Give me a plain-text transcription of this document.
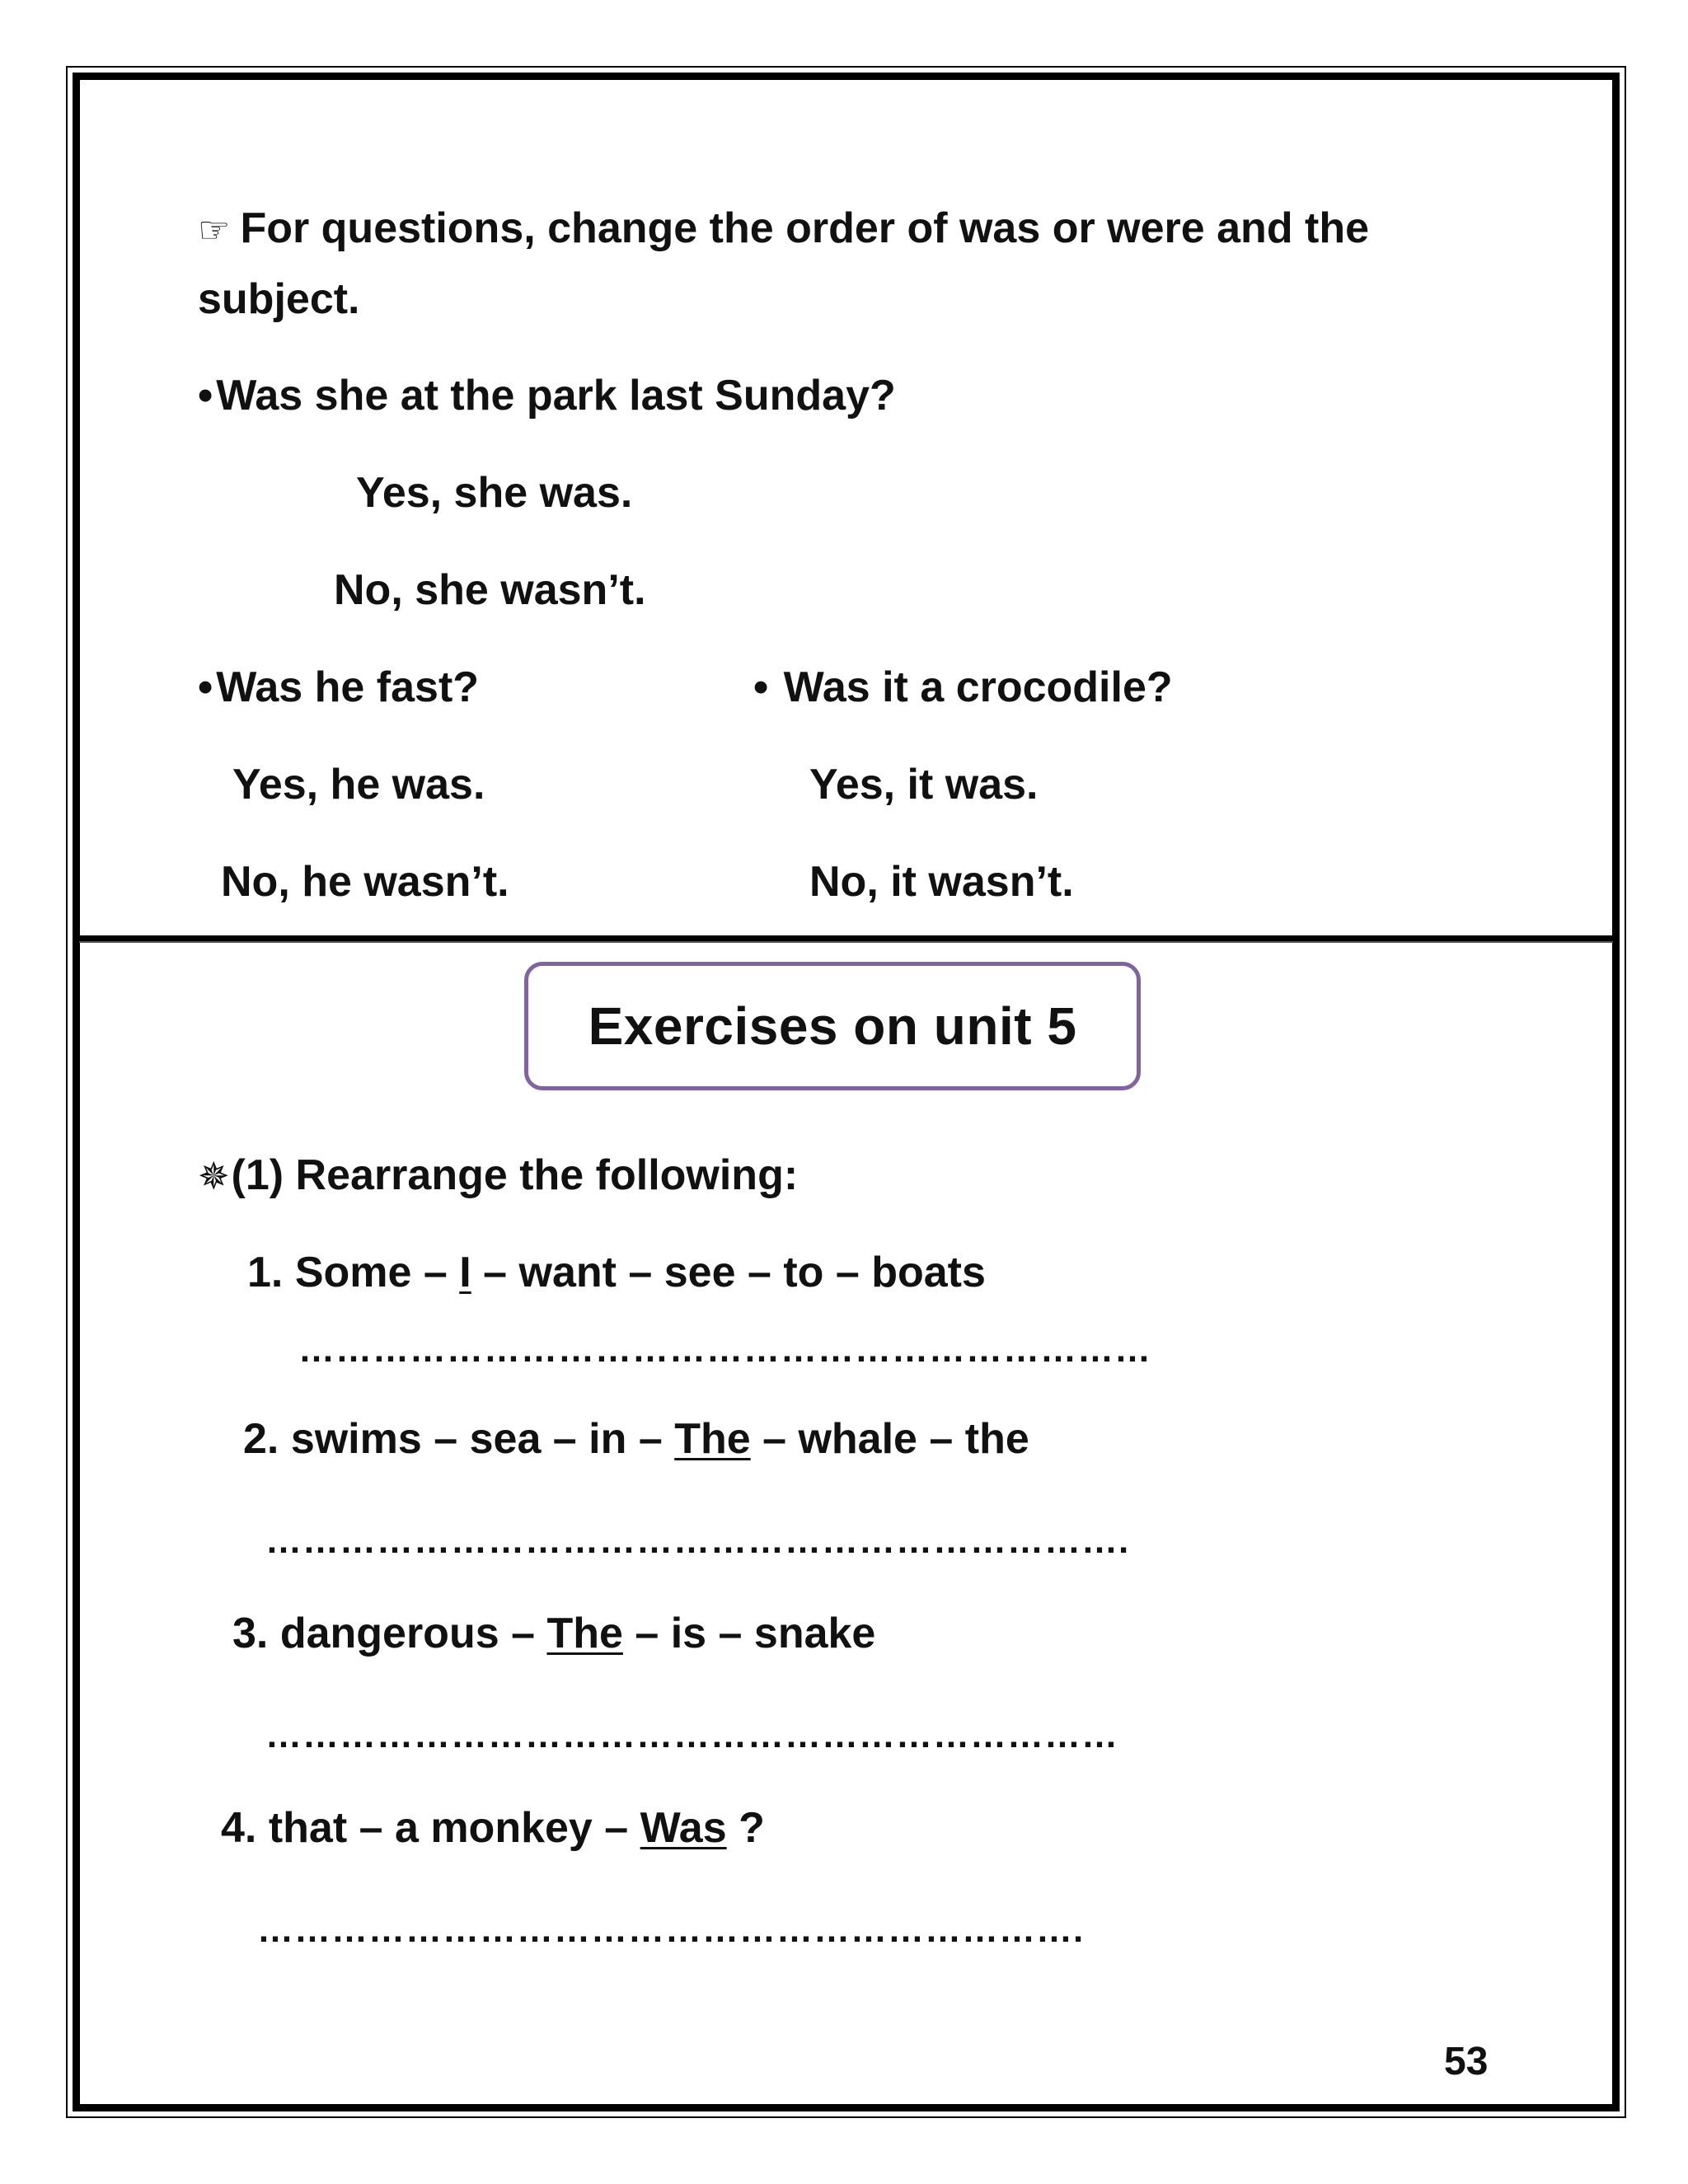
☞ For questions, change the order of was or were and the
subject.
•Was she at the park last Sunday?
Yes, she was.
No, she wasn’t.
•Was he fast?
Yes, he was.
No, he wasn’t.
• Was it a crocodile?
Yes, it was.
No, it wasn’t.
Exercises on unit 5
✵(1) Rearrange the following:
1. Some – I – want – see – to – boats
……………………………………………………………
2. swims – sea – in – The – whale – the
…………………………………………………………….
3. dangerous – The – is – snake
……………………………………………………………
4. that – a monkey – Was ?
………………………………………………………….
53
